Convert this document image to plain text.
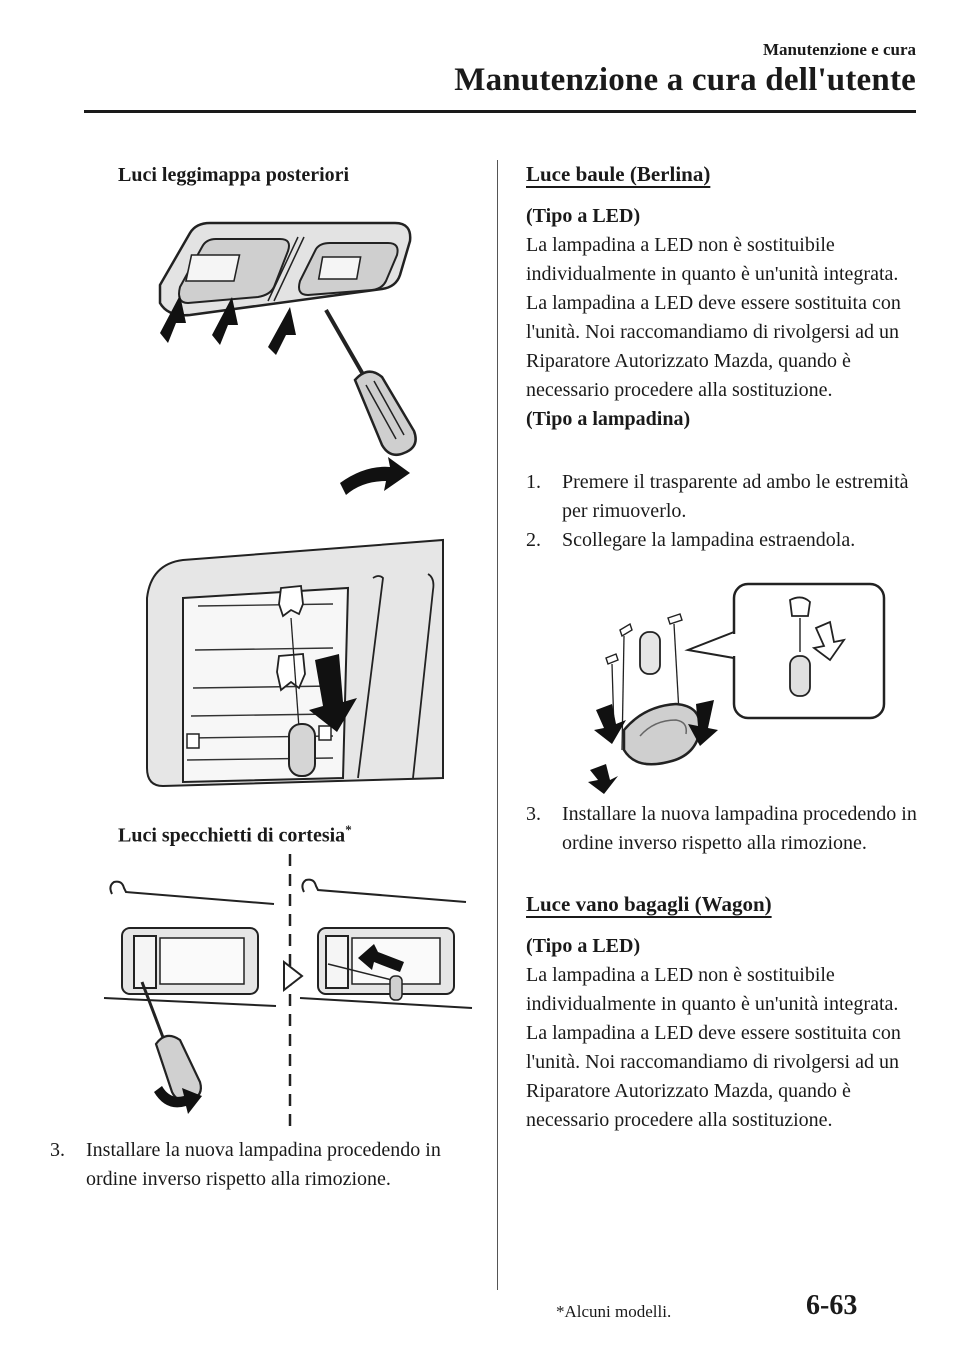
Manutenzione e cura
Manutenzione a cura dell'utente
Luci leggimappa posteriori
Luci specchietti di cortesia*
3.	Installare la nuova lampadina procedendo in ordine inverso rispetto alla rimozione.
Luce baule (Berlina)
(Tipo a LED)
La lampadina a LED non è sostituibile individualmente in quanto è un'unità integrata.
La lampadina a LED deve essere sostituita con l'unità. Noi raccomandiamo di rivolgersi ad un Riparatore Autorizzato Mazda, quando è necessario procedere alla sostituzione.
(Tipo a lampadina)
1.	Premere il trasparente ad ambo le estremità per rimuoverlo.
2.	Scollegare la lampadina estraendola.
3.	Installare la nuova lampadina procedendo in ordine inverso rispetto alla rimozione.
Luce vano bagagli (Wagon)
(Tipo a LED)
La lampadina a LED non è sostituibile individualmente in quanto è un'unità integrata.
La lampadina a LED deve essere sostituita con l'unità. Noi raccomandiamo di rivolgersi ad un Riparatore Autorizzato Mazda, quando è necessario procedere alla sostituzione.
*Alcuni modelli.	6-63
